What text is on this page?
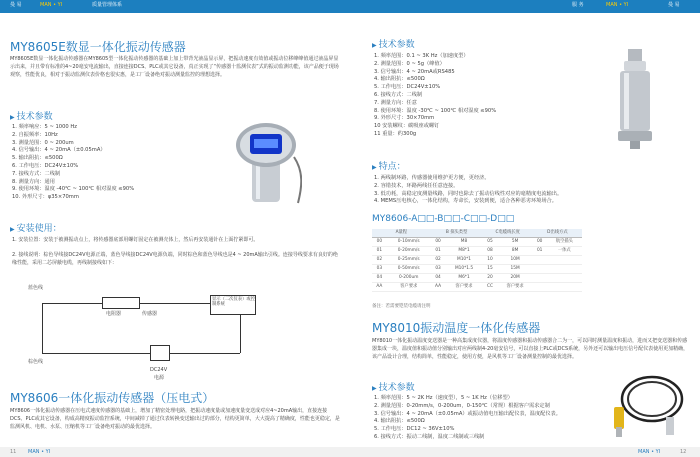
曼 易	MAN • YI	质量管理体系	服 务	MAN • YI	曼 易
MY8605E数显一体化振动传感器
MY8605E数显一体化振动传感器在MY8605型一体化振动传感器的基础上加上带背光液晶显示屏，把振动速度有效值或振动位移峰峰值通过液晶屏显示出来，并且带有标准的4~20毫安电流输出，直接连接DCS、PLC或其它设备，真正实现了“传感器十监测仪表”式的振动监测功能，该产品便于现场观察，性能优良，相对于振动监测仪表价格也很实惠，是工厂设备绝对振动测量监控的理想选择。
▶ 技术参数
1. 频率响应：5 ~ 1000 Hz
2. 自振频率：10Hz
3. 测量范围：0 ~ 200um
4. 信号输出：4 ~ 20mA（±0.05mA）
5. 输出阻抗：≤500Ω
6. 工作电压：DC24V±10%
7. 接线方式：二线制
8. 测量方向：通用
9. 使用环境：温度 -40℃ ~ 100℃ 相对湿度 ≤90%
10. 外形尺寸：φ35×70mm
▶ 安装使用：
1. 安装位置：安装于被测振动点上，将传感器底部用螺钉固定在被测壳体上，然后再安装通针在上面拧紧即可。
2. 接线说明：棕色导线接DC24V电源正端，蓝色导线接DC24V电源负端，同时棕色和蓝色导线也是4 ~ 20mA输出引线。连接导线要求有良好的绝缘性能，采用二芯屏蔽电缆，再线制接线如下：
蓝色线
棕色线
电阻器	传感器
显示（二次仪表）或控制系统
DC24V
电源
MY8606一体化振动传感器（压电式）
MY8606一体化振动传感器在压电式速度传感器的基础上，增加了精密处理电路，把振动速度量或加速度量变送成对应4~20mA输出，直接连接DCS、PLC或其它设备，构成高精度振动监控系统，中间减掉了通过仪表转换变送输出过的部分，结构更简单，大大提高了精确度，性能也更稳定，是监测风机、电机、水泵、压缩机等工厂设备绝对振动的最优选择。
▶ 技术参数
1. 频率范围：0.1 ~ 3K Hz（加速度型）
2. 测量范围：0 ~ 5g（峰值）
3. 信号输出：4 ~ 20mA或RS485
4. 输出阻抗：≤500Ω
5. 工作电压：DC24V±10%
6. 接线方式：二线制
7. 测量方向：任意
8. 使用环境：温度 -30℃ ~ 100℃ 相对湿度 ≤90%
9. 外形尺寸：30×70mm
10 安装螺纹：碳吸座或螺钉
11 重量：约300g
▶ 特点：
1. 两线制环路，传感器使用维护更方便，更经济。
2. 容错技术，环路两线任任意连接。
3. 低功耗，高稳定度测量线路，同时也除去了振动信线性对应的毫精度电流输出。
4. MEMS压电核心，一体化结构，寿命长，安装到便，适合各种恶劣环境场合。
MY8606-A□□-B□□-C□□-D□□
A量程		B 探头类型		C电缆线长度		D出线方式	
00	0-10mm/s	00	M8	05	5M	00	航空插头
01	0-20mm/s	01	M8*1	08	8M	01	一体式
02	0-25mm/s	02	M10*1	10	10M		
03	0-50mm/s	03	M10*1.5	15	15M		
04	0-200um	04	M6*1	20	20M		
AA	客户要求	AA	客户要求	CC	客户要求		
备注：若需要铠装电缆请注明
MY8010振动温度一体化传感器
MY8010一体化振动温度变送器是一种高集成度仪器，将温度传感器和振动传感器合二为一，可以同时测量温度和振动，进而又把变送器和传感器集成一块，温度值和振动值分别输出对应两线制4-20毫安信号，可以直接上PLC或DCS系统，另外还可以输出电压信号配仪表使用更加精确，该产品设计合理，结构简单，性能稳定，使用方便，是风机等工厂设备测量控制的最优选择。
▶ 技术参数
1. 频率范围：5 ~ 2K Hz（速度型），5 ~ 1K Hz（位移型）
2. 测量范围：0-20mm/s，0-200um，0-150℃（常规）根据客户需求定制
3. 信号输出：4 ~ 20mA（±0.05mA）或振动值电压输出配仪表，温度配仪表。
4. 输出阻抗：≤500Ω
5. 工作电压：DC12 ~ 36V±10%
6. 接线方式：振动二线制，温度二线制或三线制
11 MAN • YI	MAN • YI	12
